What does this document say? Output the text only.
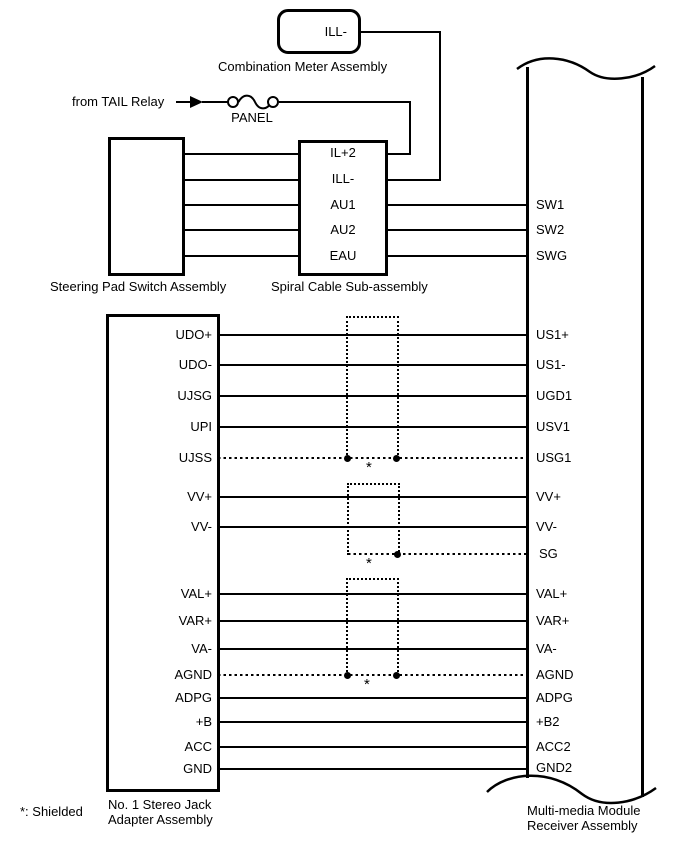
ILL-
Combination Meter Assembly
from TAIL Relay
PANEL
Steering Pad Switch Assembly
IL+2
ILL-
AU1
AU2
EAU
Spiral Cable Sub-assembly
Multi-media Module
Receiver Assembly
No. 1 Stereo Jack
Adapter Assembly
*: Shielded
UDO+
UDO-
UJSG
UPI
UJSS
VV+
VV-
VAL+
VAR+
VA-
AGND
ADPG
+B
ACC
GND
*
*
*
SW1
SW2
SWG
US1+
US1-
UGD1
USV1
USG1
VV+
VV-
SG
VAL+
VAR+
VA-
AGND
ADPG
+B2
ACC2
GND2
